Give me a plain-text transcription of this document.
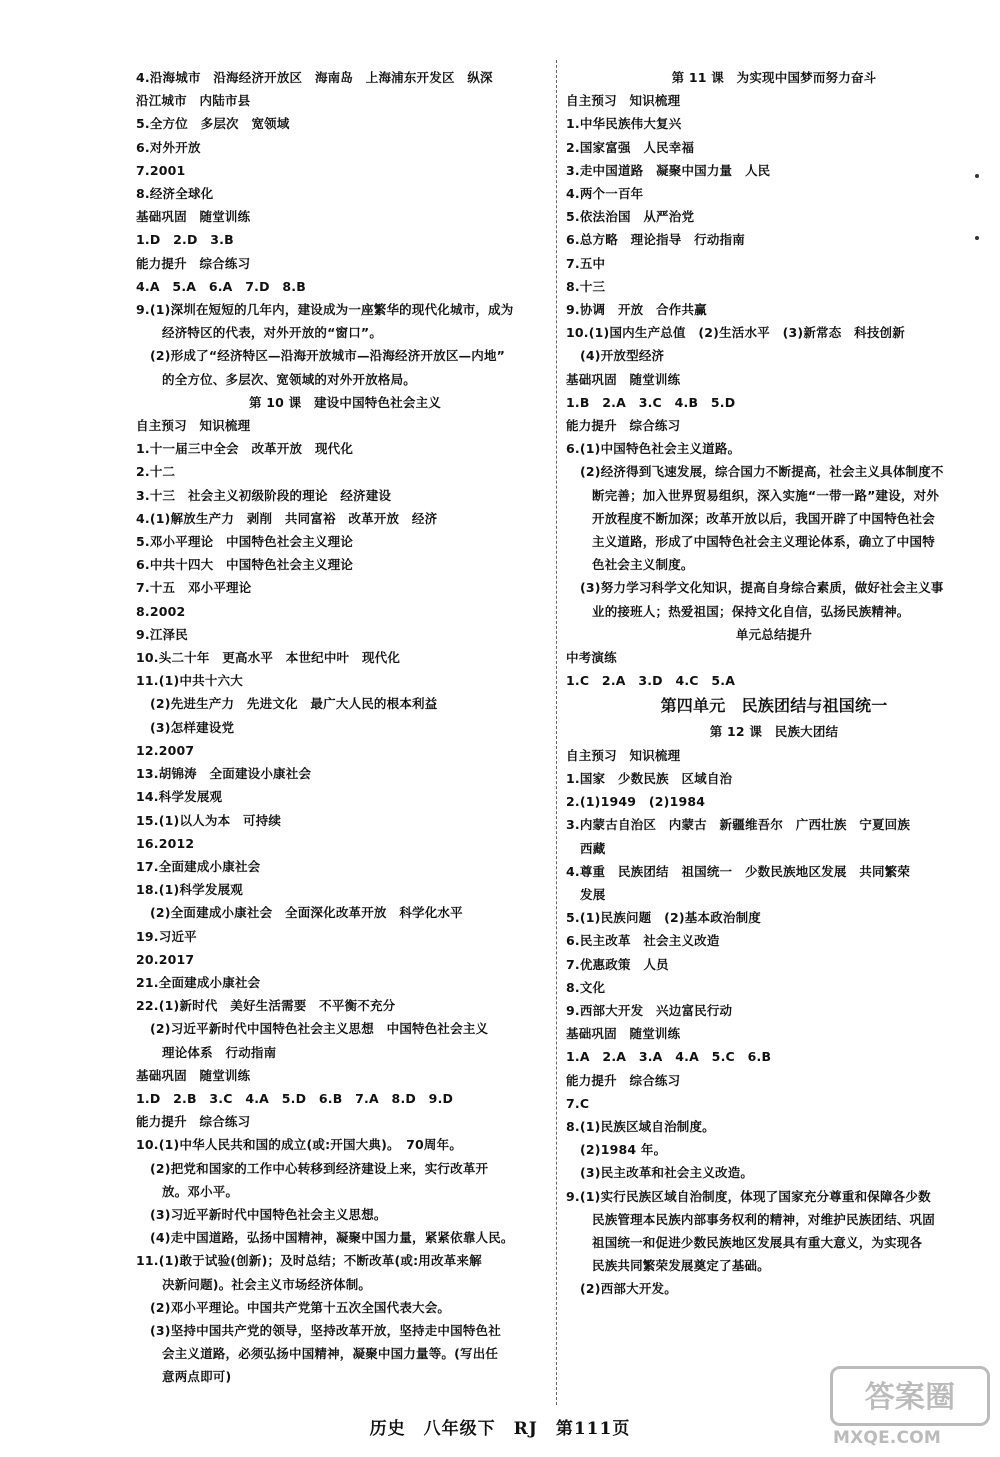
4.沿海城市　沿海经济开放区　海南岛　上海浦东开发区　纵深
沿江城市　内陆市县
5.全方位　多层次　宽领域
6.对外开放
7.2001
8.经济全球化
基础巩固　随堂训练
1.D　2.D　3.B
能力提升　综合练习
4.A　5.A　6.A　7.D　8.B
9.(1)深圳在短短的几年内，建设成为一座繁华的现代化城市，成为
经济特区的代表，对外开放的“窗口”。
(2)形成了“经济特区—沿海开放城市—沿海经济开放区—内地”
的全方位、多层次、宽领域的对外开放格局。
第 10 课　建设中国特色社会主义
自主预习　知识梳理
1.十一届三中全会　改革开放　现代化
2.十二
3.十三　社会主义初级阶段的理论　经济建设
4.(1)解放生产力　剥削　共同富裕　改革开放　经济
5.邓小平理论　中国特色社会主义理论
6.中共十四大　中国特色社会主义理论
7.十五　邓小平理论
8.2002
9.江泽民
10.头二十年　更高水平　本世纪中叶　现代化
11.(1)中共十六大
(2)先进生产力　先进文化　最广大人民的根本利益
(3)怎样建设党
12.2007
13.胡锦涛　全面建设小康社会
14.科学发展观
15.(1)以人为本　可持续
16.2012
17.全面建成小康社会
18.(1)科学发展观
(2)全面建成小康社会　全面深化改革开放　科学化水平
19.习近平
20.2017
21.全面建成小康社会
22.(1)新时代　美好生活需要　不平衡不充分
(2)习近平新时代中国特色社会主义思想　中国特色社会主义
理论体系　行动指南
基础巩固　随堂训练
1.D　2.B　3.C　4.A　5.D　6.B　7.A　8.D　9.D
能力提升　综合练习
10.(1)中华人民共和国的成立(或:开国大典)。　70周年。
(2)把党和国家的工作中心转移到经济建设上来，实行改革开
放。邓小平。
(3)习近平新时代中国特色社会主义思想。
(4)走中国道路，弘扬中国精神，凝聚中国力量，紧紧依靠人民。
11.(1)敢于试验(创新)；及时总结；不断改革(或:用改革来解
决新问题)。社会主义市场经济体制。
(2)邓小平理论。中国共产党第十五次全国代表大会。
(3)坚持中国共产党的领导，坚持改革开放，坚持走中国特色社
会主义道路，必须弘扬中国精神，凝聚中国力量等。(写出任
意两点即可)
第 11 课　为实现中国梦而努力奋斗
自主预习　知识梳理
1.中华民族伟大复兴
2.国家富强　人民幸福
3.走中国道路　凝聚中国力量　人民
4.两个一百年
5.依法治国　从严治党
6.总方略　理论指导　行动指南
7.五中
8.十三
9.协调　开放　合作共赢
10.(1)国内生产总值　(2)生活水平　(3)新常态　科技创新
(4)开放型经济
基础巩固　随堂训练
1.B　2.A　3.C　4.B　5.D
能力提升　综合练习
6.(1)中国特色社会主义道路。
(2)经济得到飞速发展，综合国力不断提高，社会主义具体制度不
断完善；加入世界贸易组织，深入实施“一带一路”建设，对外
开放程度不断加深；改革开放以后，我国开辟了中国特色社会
主义道路，形成了中国特色社会主义理论体系，确立了中国特
色社会主义制度。
(3)努力学习科学文化知识，提高自身综合素质，做好社会主义事
业的接班人；热爱祖国；保持文化自信，弘扬民族精神。
单元总结提升
中考演练
1.C　2.A　3.D　4.C　5.A
第四单元　民族团结与祖国统一
第 12 课　民族大团结
自主预习　知识梳理
1.国家　少数民族　区域自治
2.(1)1949　(2)1984
3.内蒙古自治区　内蒙古　新疆维吾尔　广西壮族　宁夏回族
西藏
4.尊重　民族团结　祖国统一　少数民族地区发展　共同繁荣
发展
5.(1)民族问题　(2)基本政治制度
6.民主改革　社会主义改造
7.优惠政策　人员
8.文化
9.西部大开发　兴边富民行动
基础巩固　随堂训练
1.A　2.A　3.A　4.A　5.C　6.B
能力提升　综合练习
7.C
8.(1)民族区域自治制度。
(2)1984 年。
(3)民主改革和社会主义改造。
9.(1)实行民族区域自治制度，体现了国家充分尊重和保障各少数
民族管理本民族内部事务权利的精神，对维护民族团结、巩固
祖国统一和促进少数民族地区发展具有重大意义，为实现各
民族共同繁荣发展奠定了基础。
(2)西部大开发。
历史　八年级下　RJ　第111页
答案圈
MXQE.COM
